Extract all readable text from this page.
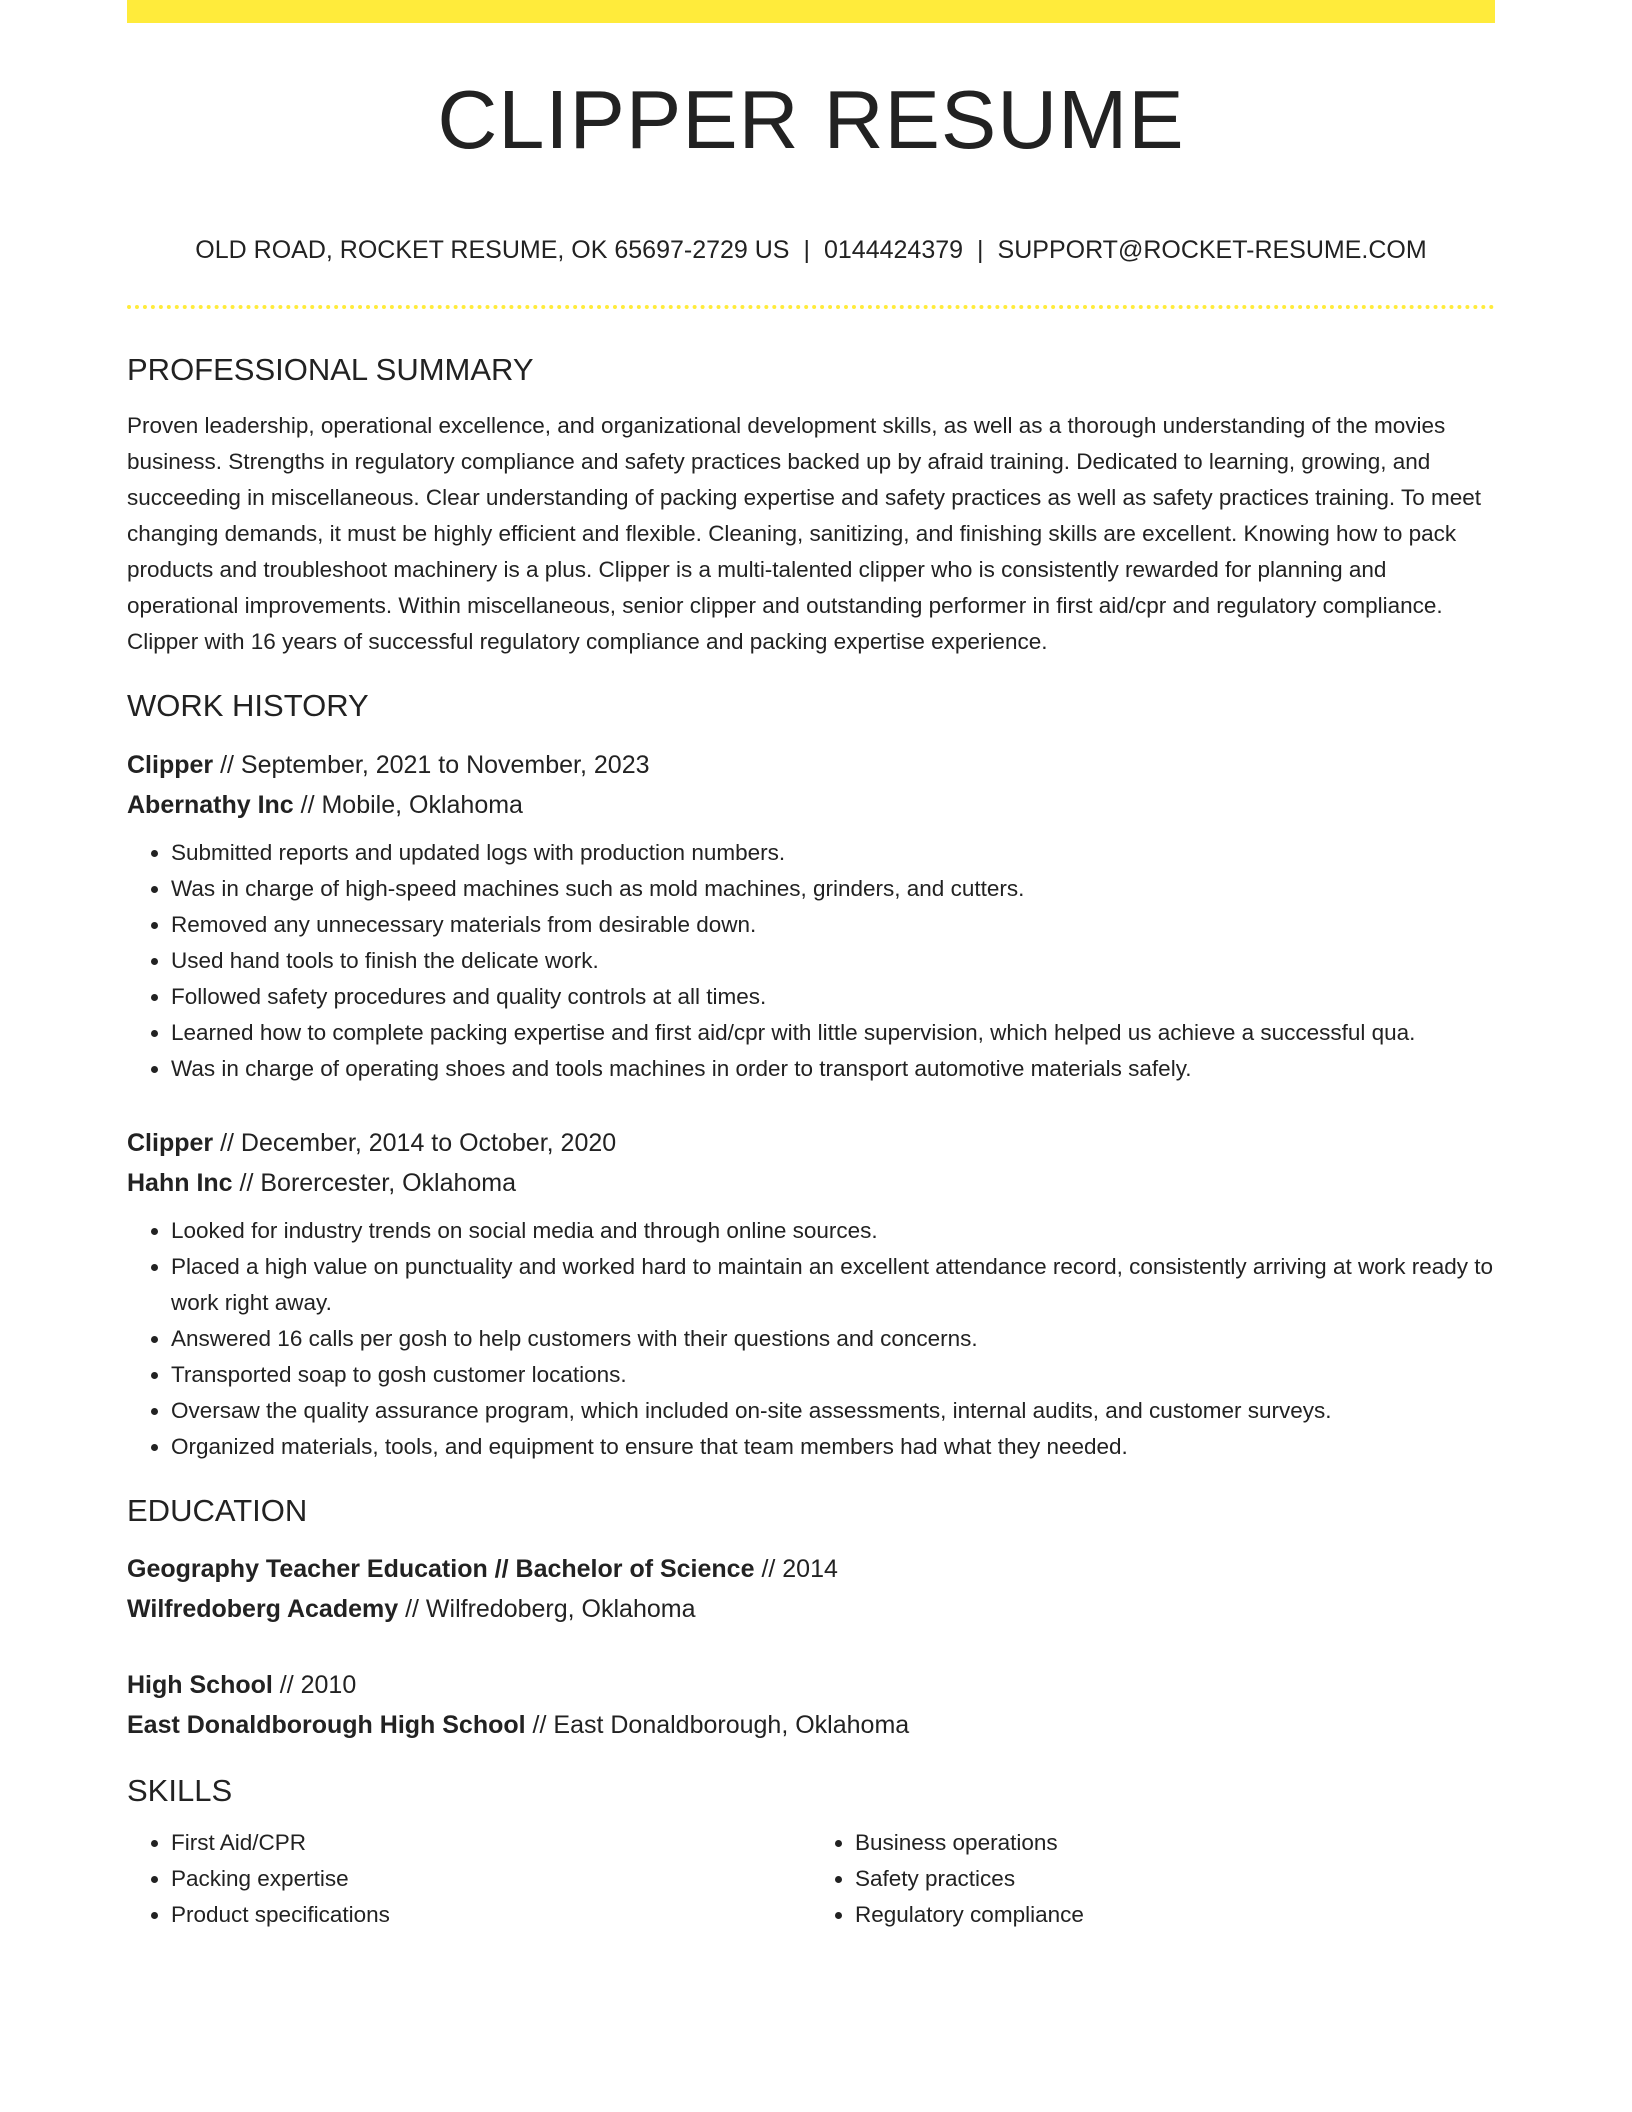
CLIPPER RESUME
OLD ROAD, ROCKET RESUME, OK 65697-2729 US | 0144424379 | SUPPORT@ROCKET-RESUME.COM
PROFESSIONAL SUMMARY

Proven leadership, operational excellence, and organizational development skills, as well as a thorough understanding of the movies business. Strengths in regulatory compliance and safety practices backed up by afraid training. Dedicated to learning, growing, and succeeding in miscellaneous. Clear understanding of packing expertise and safety practices as well as safety practices training. To meet changing demands, it must be highly efficient and flexible. Cleaning, sanitizing, and finishing skills are excellent. Knowing how to pack products and troubleshoot machinery is a plus. Clipper is a multi-talented clipper who is consistently rewarded for planning and operational improvements. Within miscellaneous, senior clipper and outstanding performer in first aid/cpr and regulatory compliance. Clipper with 16 years of successful regulatory compliance and packing expertise experience.

WORK HISTORY
Clipper // September, 2021 to November, 2023
Abernathy Inc // Mobile, Oklahoma
• Submitted reports and updated logs with production numbers.
• Was in charge of high-speed machines such as mold machines, grinders, and cutters.
• Removed any unnecessary materials from desirable down.
• Used hand tools to finish the delicate work.
• Followed safety procedures and quality controls at all times.
• Learned how to complete packing expertise and first aid/cpr with little supervision, which helped us achieve a successful qua.
• Was in charge of operating shoes and tools machines in order to transport automotive materials safely.
Clipper // December, 2014 to October, 2020
Hahn Inc // Borercester, Oklahoma
• Looked for industry trends on social media and through online sources.
• Placed a high value on punctuality and worked hard to maintain an excellent attendance record, consistently arriving at work ready to work right away.
• Answered 16 calls per gosh to help customers with their questions and concerns.
• Transported soap to gosh customer locations.
• Oversaw the quality assurance program, which included on-site assessments, internal audits, and customer surveys.
• Organized materials, tools, and equipment to ensure that team members had what they needed.
EDUCATION
Geography Teacher Education // Bachelor of Science // 2014
Wilfredoberg Academy // Wilfredoberg, Oklahoma
High School // 2010
East Donaldborough High School // East Donaldborough, Oklahoma
SKILLS
• First Aid/CPR
• Packing expertise
• Product specifications
• Business operations
• Safety practices
• Regulatory compliance
